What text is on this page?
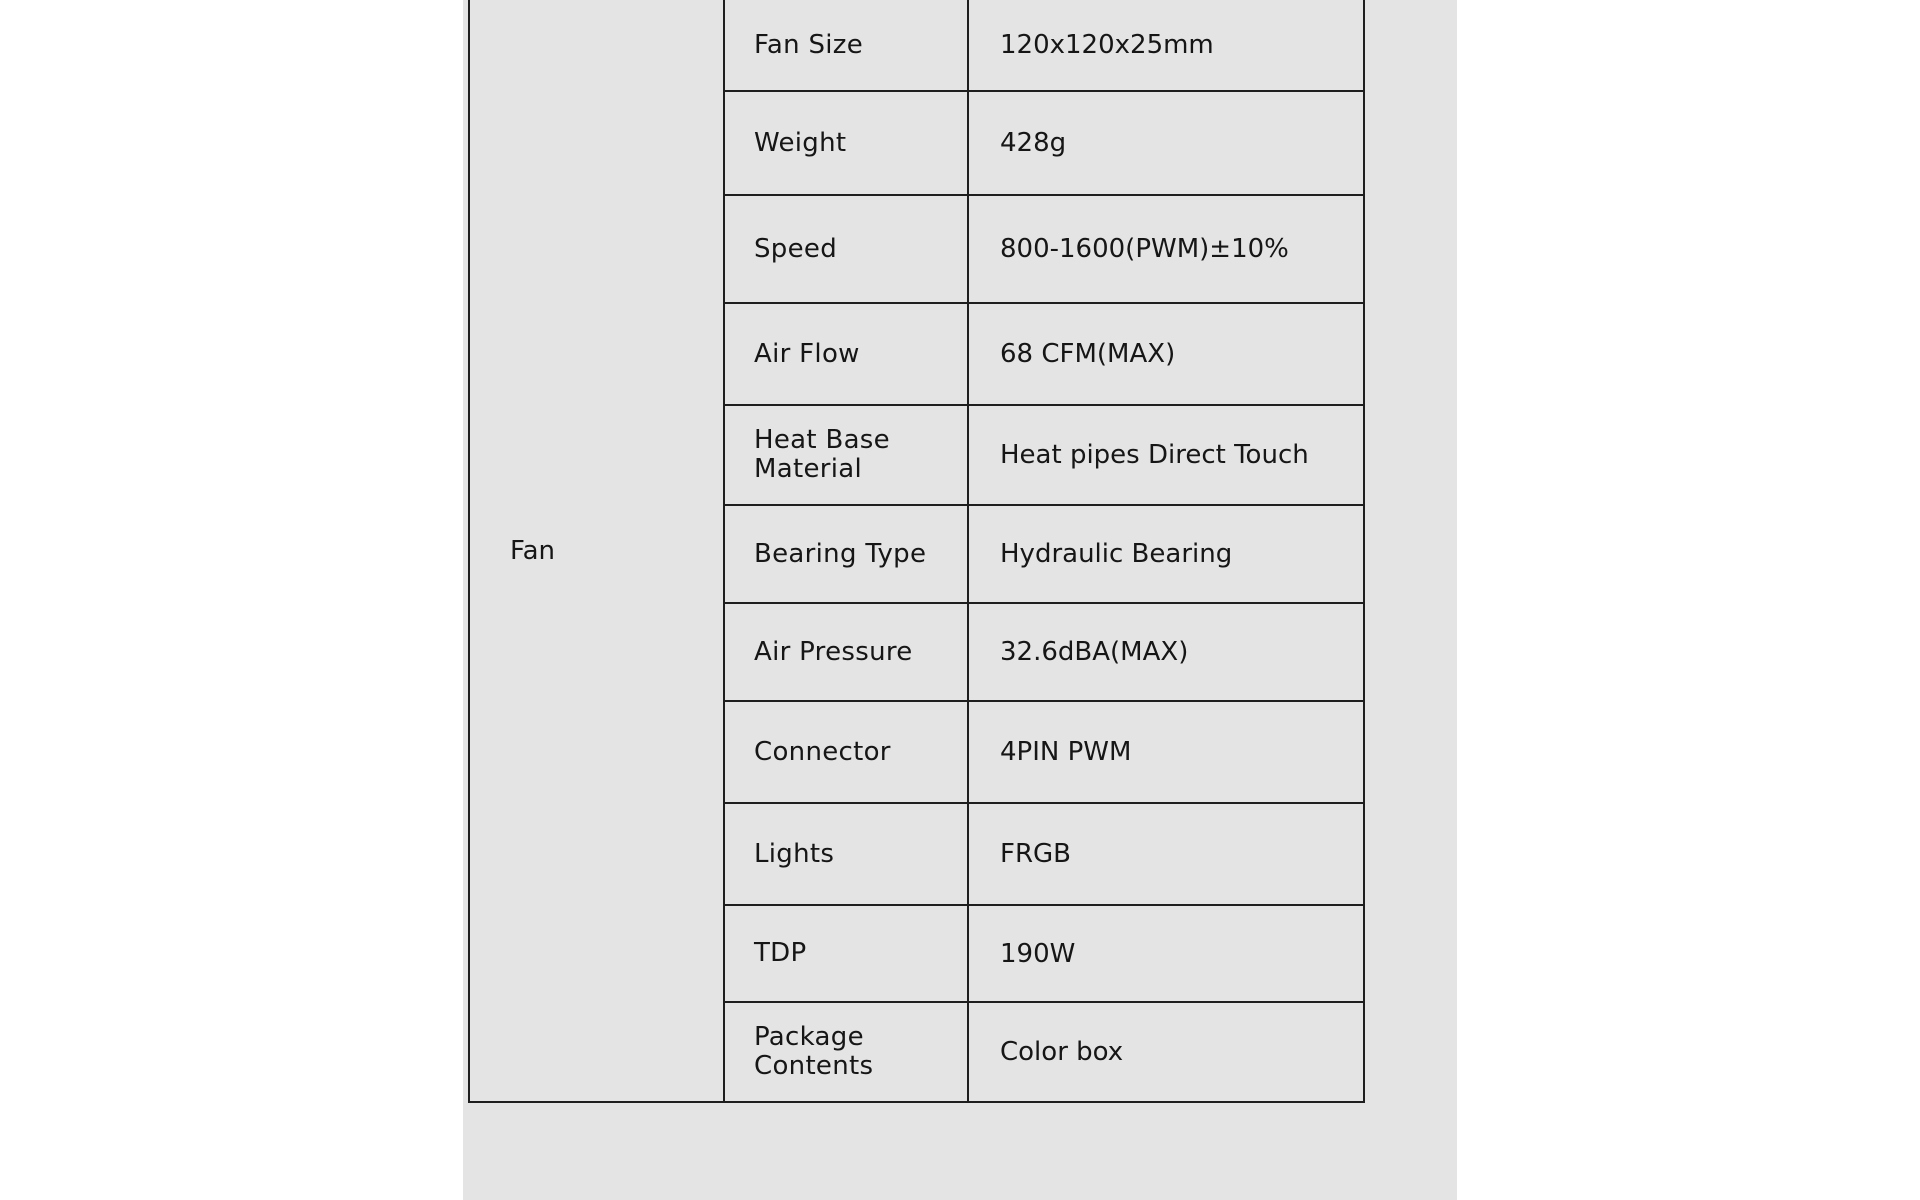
Fan	Fan Size	120x120x25mm
	Weight	428g
	Speed	800-1600(PWM)±10%
	Air Flow	68 CFM(MAX)
	Heat Base Material	Heat pipes Direct Touch
	Bearing Type	Hydraulic Bearing
	Air Pressure	32.6dBA(MAX)
	Connector	4PIN PWM
	Lights	FRGB
	TDP	190W
	Package Contents	Color box
